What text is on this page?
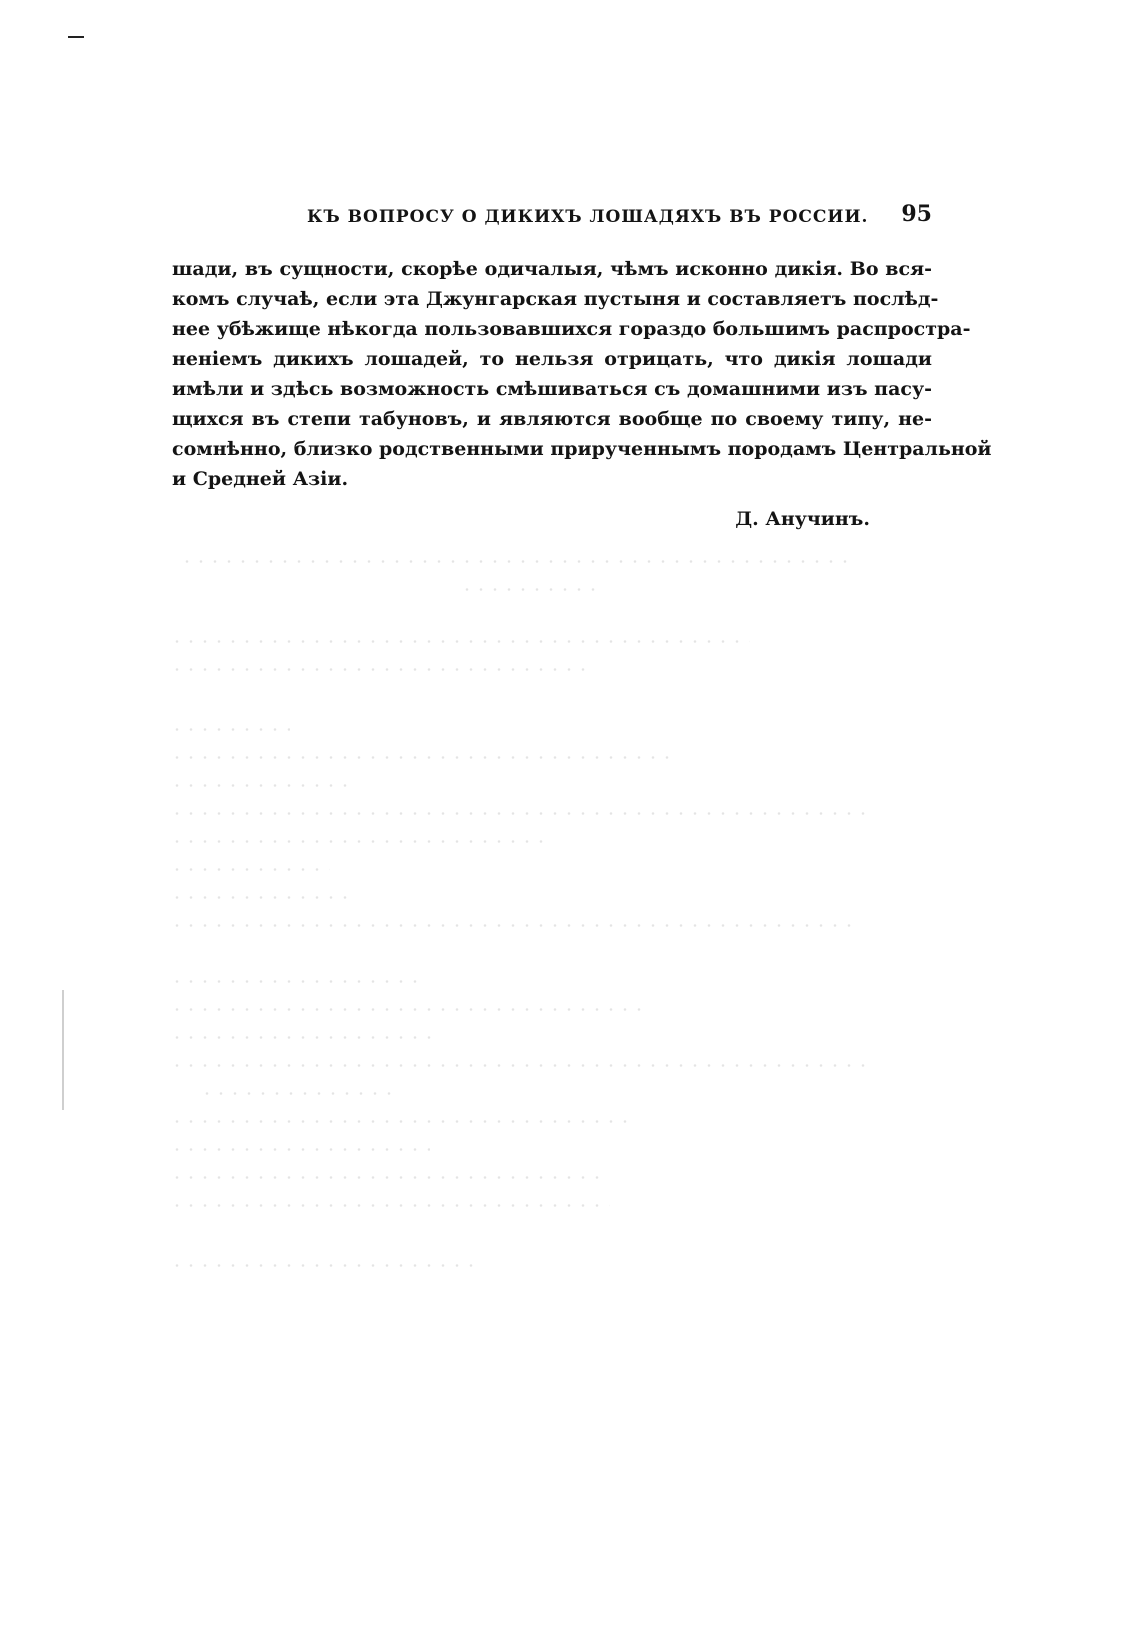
КЪ ВОПРОСУ О ДИКИХЪ ЛОШАДЯХЪ ВЪ РОССИИ. 95
шади, въ сущности, скорѣе одичалыя, чѣмъ исконно дикія. Во вся-
комъ случаѣ, если эта Джунгарская пустыня и составляетъ послѣд-
нее убѣжище нѣкогда пользовавшихся гораздо большимъ распростра-
неніемъ дикихъ лошадей, то нельзя отрицать, что дикія лошади
имѣли и здѣсь возможность смѣшиваться съ домашними изъ пасу-
щихся въ степи табуновъ, и являются вообще по своему типу, не-
сомнѣнно, близко родственными прирученнымъ породамъ Центральной
и Средней Азіи.
Д. Анучинъ.
